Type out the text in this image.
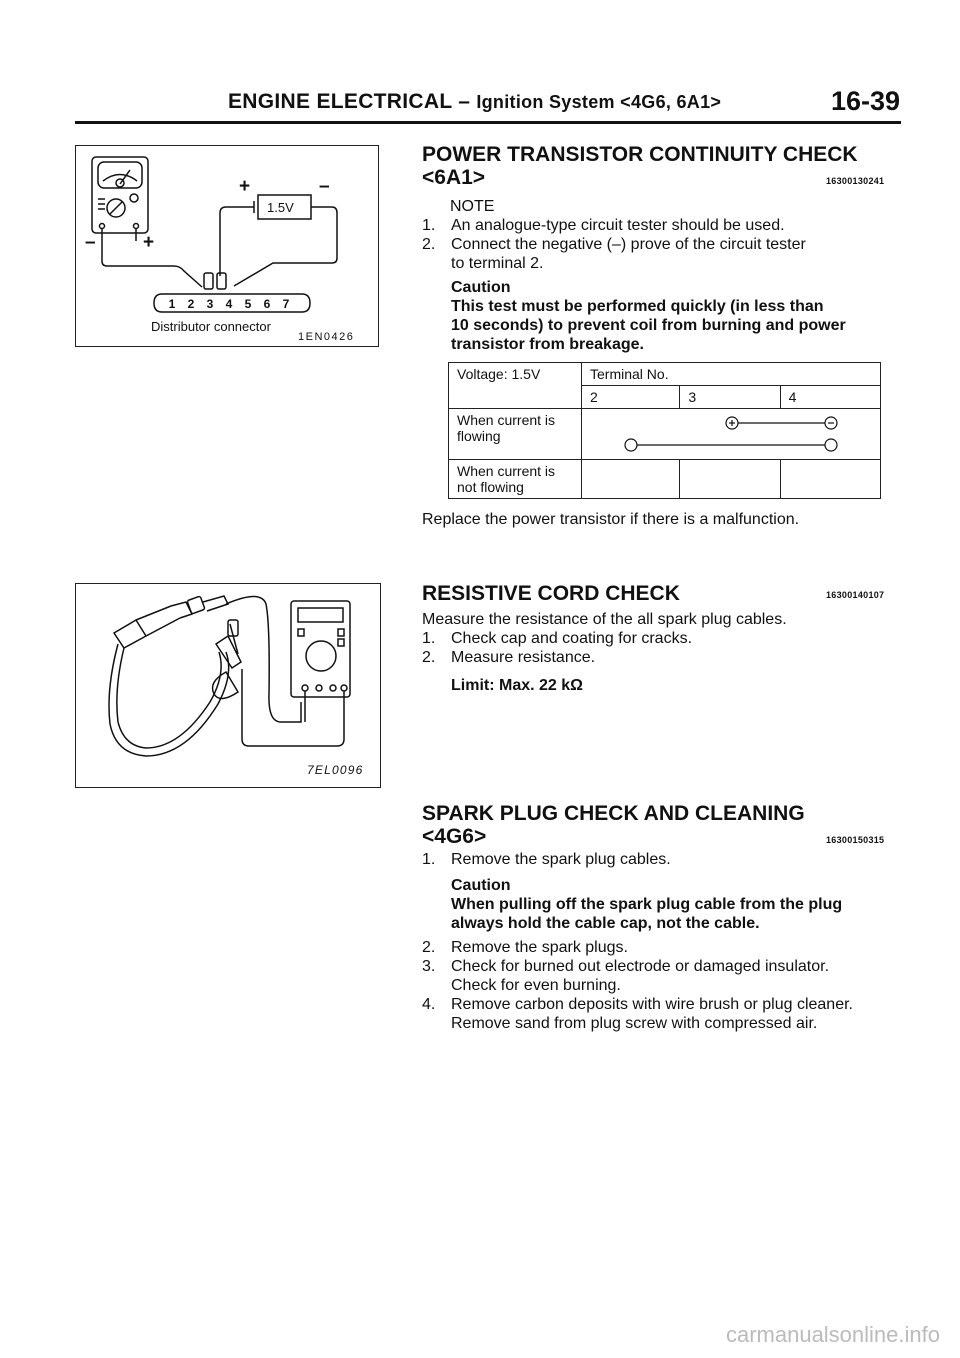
ENGINE ELECTRICAL – Ignition System <4G6, 6A1>	16-39
+	–
– +
1.5V
1 2 3 4 5 6 7
Distributor connector
1EN0426
7EL0096
POWER TRANSISTOR CONTINUITY CHECK
<6A1>	16300130241
NOTE
1. An analogue-type circuit tester should be used.
2. Connect the negative (–) prove of the circuit tester
to terminal 2.
Caution
This test must be performed quickly (in less than
10 seconds) to prevent coil from burning and power
transistor from breakage.
Voltage: 1.5V	Terminal No.		
	2	3	4

When current is
flowing

When current is
not flowing			

Replace the power transistor if there is a malfunction.
RESISTIVE CORD CHECK	16300140107
Measure the resistance of the all spark plug cables.
1. Check cap and coating for cracks.
2. Measure resistance.
Limit: Max. 22 kΩ
SPARK PLUG CHECK AND CLEANING
<4G6>	16300150315
1. Remove the spark plug cables.
Caution
When pulling off the spark plug cable from the plug
always hold the cable cap, not the cable.
2. Remove the spark plugs.
3. Check for burned out electrode or damaged insulator.
Check for even burning.
4. Remove carbon deposits with wire brush or plug cleaner.
Remove sand from plug screw with compressed air.
carmanualsonline.info
